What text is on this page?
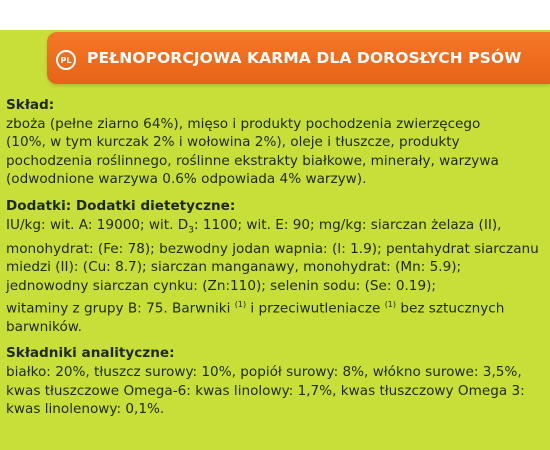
PL PEŁNOPORCJOWA KARMA DLA DOROSŁYCH PSÓW

Skład:

zboża (pełne ziarno 64%), mięso i produkty pochodzenia zwierzęcego

(10%, w tym kurczak 2% i wołowina 2%), oleje i tłuszcze, produkty

pochodzenia roślinnego, roślinne ekstrakty białkowe, minerały, warzywa

(odwodnione warzywa 0.6% odpowiada 4% warzyw).

Dodatki: Dodatki dietetyczne:

IU/kg: wit. A: 19000; wit. $D_3$: 1100; wit. E: 90; mg/kg: siarczan żelaza (II),

monohydrat: (Fe: 78); bezwodny jodan wapnia: (I: 1.9); pentahydrat siarczanu

miedzi (II): (Cu: 8.7); siarczan manganawy, monohydrat: (Mn: 5.9);

jednowodny siarczan cynku: (Zn:110); selenin sodu: (Se: 0.19);

witaminy z grupy B: 75. Barwniki $^{(1)}$ i przeciwutleniacze $^{(1)}$ bez sztucznych

barwników.

Składniki analityczne:

białko: 20%, tłuszcz surowy: 10%, popiół surowy: 8%, włókno surowe: 3,5%,

kwas tłuszczowe Omega-6: kwas linolowy: 1,7%, kwas tłuszczowy Omega 3:

kwas linolenowy: 0,1%.
